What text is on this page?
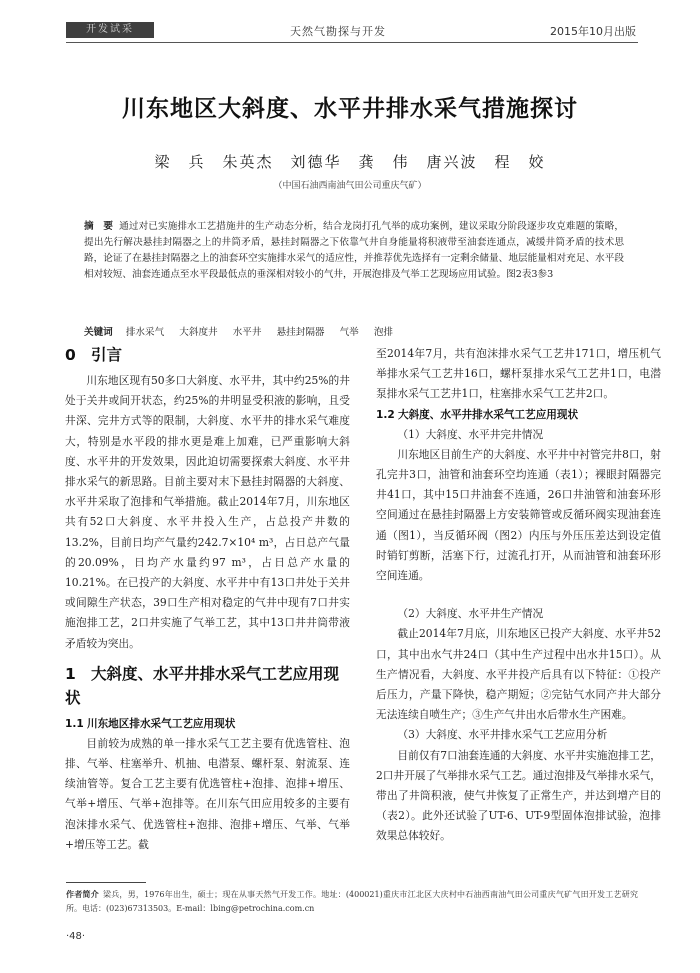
开发试采	天然气勘探与开发	2015年10月出版
川东地区大斜度、水平井排水采气措施探讨
梁　兵　朱英杰　刘德华　龚　伟　唐兴波　程　姣
（中国石油西南油气田公司重庆气矿）
摘　要 通过对已实施排水工艺措施井的生产动态分析，结合龙岗打孔气举的成功案例，建议采取分阶段逐步攻克难题的策略，提出先行解决悬挂封隔器之上的井筒矛盾，悬挂封隔器之下依靠气井自身能量将积液带至油套连通点，减缓井筒矛盾的技术思路，论证了在悬挂封隔器之上的油套环空实施排水采气的适应性，并推荐优先选择有一定剩余储量、地层能量相对充足、水平段相对较短、油套连通点至水平段最低点的垂深相对较小的气井，开展泡排及气举工艺现场应用试验。图2表3参3
关键词 排水采气 大斜度井 水平井 悬挂封隔器 气举 泡排
0 引言

川东地区现有50多口大斜度、水平井，其中约25%的井处于关井或间开状态，约25%的井明显受积液的影响，且受井深、完井方式等的限制，大斜度、水平井的排水采气难度大，特别是水平段的排水更是难上加难，已严重影响大斜度、水平井的开发效果，因此迫切需要探索大斜度、水平井排水采气的新思路。目前主要对末下悬挂封隔器的大斜度、水平井采取了泡排和气举措施。截止2014年7月，川东地区共有52口大斜度、水平井投入生产，占总投产井数的13.2%，目前日均产气量约242.7×10⁴ m³，占日总产气量的20.09%，日均产水量约97 m³，占日总产水量的10.21%。在已投产的大斜度、水平井中有13口井处于关井或间隙生产状态，39口生产相对稳定的气井中现有7口井实施泡排工艺，2口井实施了气举工艺，其中13口井井筒带液矛盾较为突出。

1 大斜度、水平井排水采气工艺应用现状
1.1 川东地区排水采气工艺应用现状

目前较为成熟的单一排水采气工艺主要有优选管柱、泡排、气举、柱塞举升、机抽、电潜泵、螺杆泵、射流泵、连续油管等。复合工艺主要有优选管柱+泡排、泡排+增压、气举+增压、气举+泡排等。在川东气田应用较多的主要有泡沫排水采气、优选管柱+泡排、泡排+增压、气举、气举+增压等工艺。截

至2014年7月，共有泡沫排水采气工艺井171口，增压机气举排水采气工艺井16口，螺杆泵排水采气工艺井1口，电潜泵排水采气工艺井1口，柱塞排水采气工艺井2口。

1.2 大斜度、水平井排水采气工艺应用现状

（1）大斜度、水平井完井情况

川东地区目前生产的大斜度、水平井中衬管完井8口，射孔完井3口，油管和油套环空均连通（表1）；裸眼封隔器完井41口，其中15口井油套不连通，26口井油管和油套环形空间通过在悬挂封隔器上方安装筛管或反循环阀实现油套连通（图1），当反循环阀（图2）内压与外压压差达到设定值时销钉剪断，活塞下行，过流孔打开，从而油管和油套环形空间连通。

（2）大斜度、水平井生产情况

截止2014年7月底，川东地区已投产大斜度、水平井52口，其中出水气井24口（其中生产过程中出水井15口）。从生产情况看，大斜度、水平井投产后具有以下特征：①投产后压力，产量下降快，稳产期短；②完钻气水同产井大部分无法连续自喷生产；③生产气井出水后带水生产困难。

（3）大斜度、水平井排水采气工艺应用分析

目前仅有7口油套连通的大斜度、水平井实施泡排工艺，2口井开展了气举排水采气工艺。通过泡排及气举排水采气，带出了井筒积液，使气井恢复了正常生产，并达到增产目的（表2）。此外还试验了UT-6、UT-9型固体泡排试验，泡排效果总体较好。

作者简介 梁兵，男，1976年出生，硕士；现在从事天然气开发工作。地址：(400021)重庆市江北区大庆村中石油西南油气田公司重庆气矿气田开发工艺研究所。电话：(023)67313503。E-mail：lbing@petrochina.com.cn
·48·
